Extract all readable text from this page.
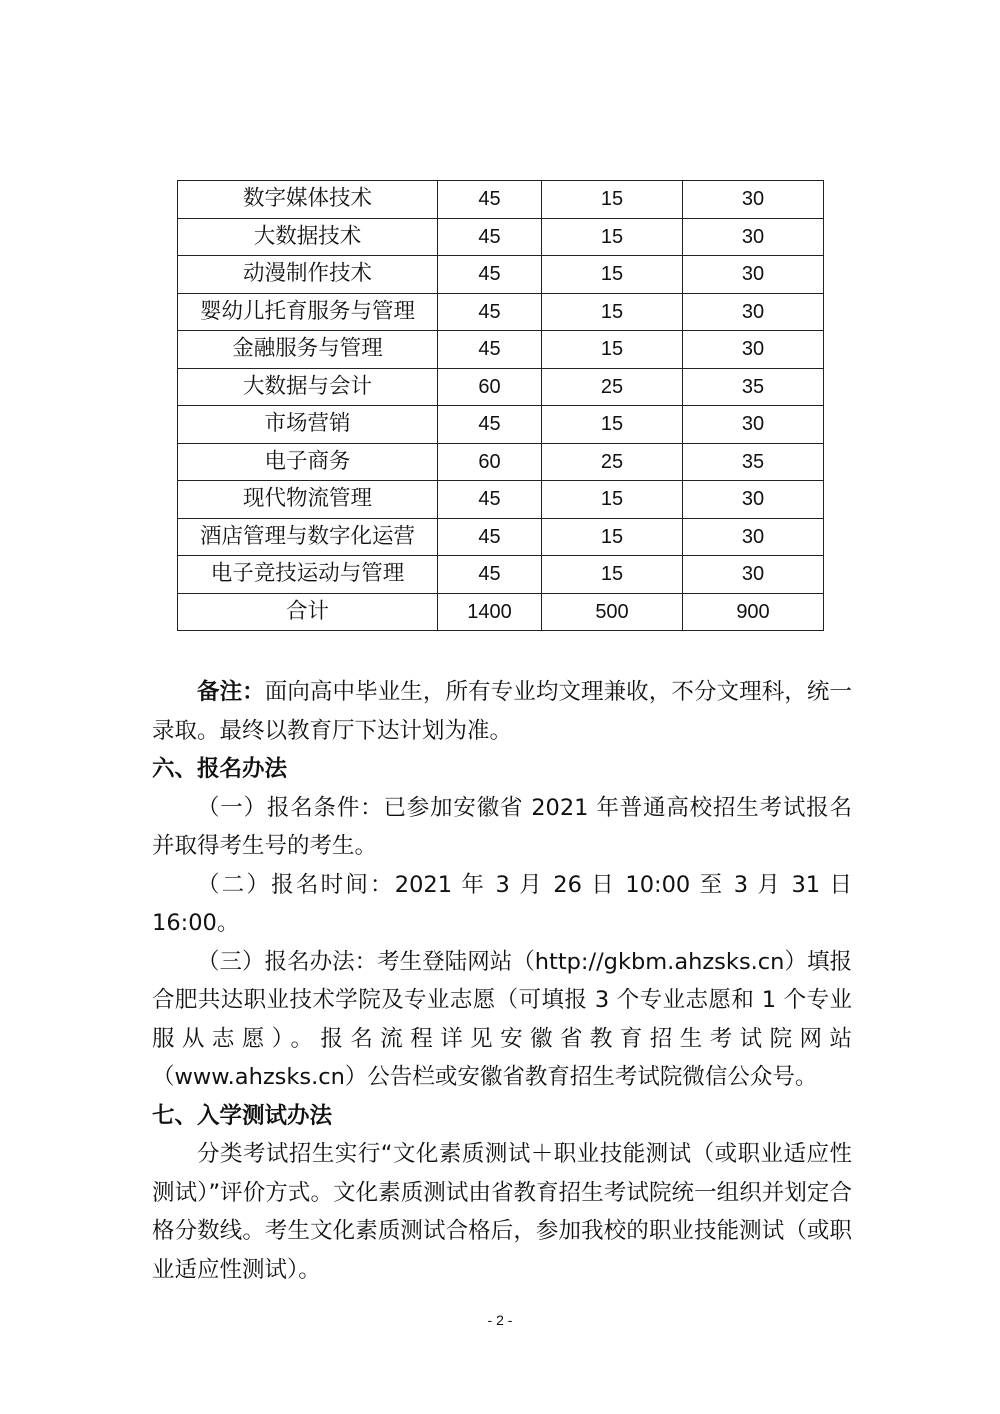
数字媒体技术	45	15	30
大数据技术	45	15	30
动漫制作技术	45	15	30
婴幼儿托育服务与管理	45	15	30
金融服务与管理	45	15	30
大数据与会计	60	25	35
市场营销	45	15	30
电子商务	60	25	35
现代物流管理	45	15	30
酒店管理与数字化运营	45	15	30
电子竞技运动与管理	45	15	30
合计	1400	500	900

备注：面向高中毕业生，所有专业均文理兼收，不分文理科，统一录取。最终以教育厅下达计划为准。

六、报名办法

（一）报名条件：已参加安徽省 2021 年普通高校招生考试报名并取得考生号的考生。

（二）报名时间：2021 年 3 月 26 日 10:00 至 3 月 31 日 16:00。

（三）报名办法：考生登陆网站（http://gkbm.ahzsks.cn）填报合肥共达职业技术学院及专业志愿（可填报 3 个专业志愿和 1 个专业服从志愿）。报名流程详见安徽省教育招生考试院网站（www.ahzsks.cn）公告栏或安徽省教育招生考试院微信公众号。

七、入学测试办法

分类考试招生实行“文化素质测试＋职业技能测试（或职业适应性测试）”评价方式。文化素质测试由省教育招生考试院统一组织并划定合格分数线。考生文化素质测试合格后，参加我校的职业技能测试（或职业适应性测试）。

- 2 -
